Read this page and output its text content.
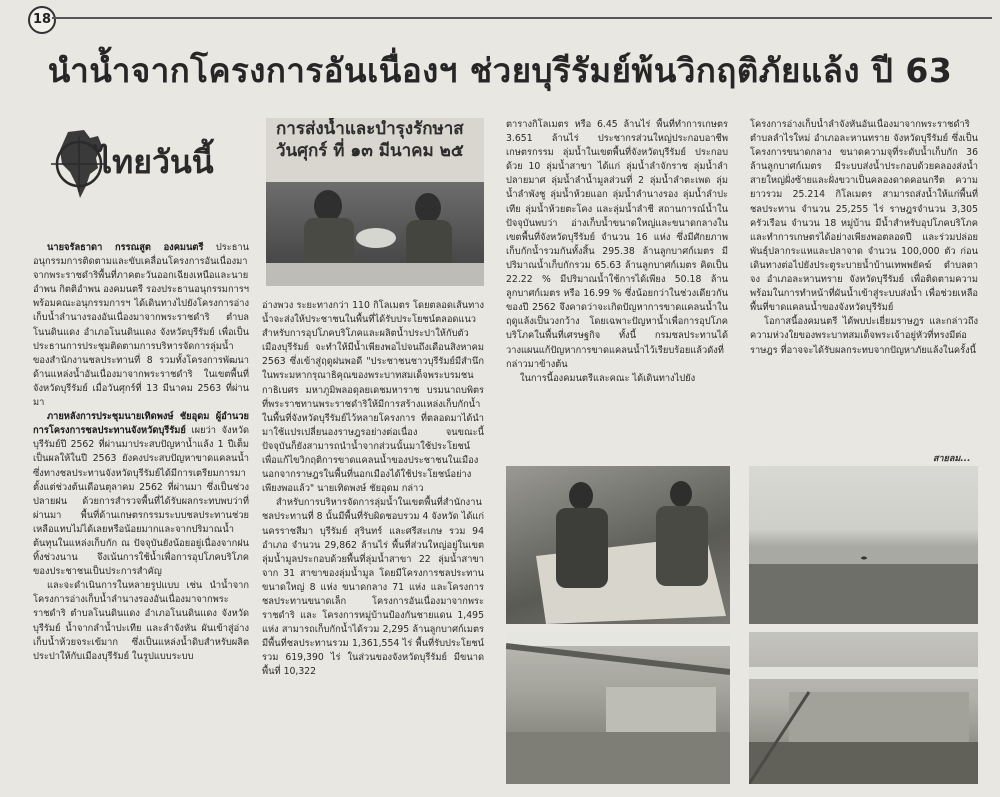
18
นำน้ำจากโครงการอันเนื่องฯ ช่วยบุรีรัมย์พ้นวิกฤติภัยแล้ง ปี 63
ไทยวันนี้

นายจรัลธาดา กรรณสูต องคมนตรี ประธานอนุกรรมการติดตามและขับเคลื่อนโครงการอันเนื่องมาจากพระราชดำริพื้นที่ภาคตะวันออกเฉียงเหนือและนายอำพน กิตติอำพน องคมนตรี รองประธานอนุกรรมการฯ พร้อมคณะอนุกรรมการฯ ได้เดินทางไปยังโครงการอ่างเก็บน้ำลำนางรองอันเนื่องมาจากพระราชดำริ ตำบลโนนดินแดง อำเภอโนนดินแดง จังหวัดบุรีรัมย์ เพื่อเป็นประธานการประชุมติดตามการบริหารจัดการลุ่มน้ำของสำนักงานชลประทานที่ 8 รวมทั้งโครงการพัฒนาด้านแหล่งน้ำอันเนื่องมาจากพระราชดำริ ในเขตพื้นที่จังหวัดบุรีรัมย์ เมื่อวันศุกร์ที่ 13 มีนาคม 2563 ที่ผ่านมา

ภายหลังการประชุมนายเทิดพงษ์ ชัยอุดม ผู้อำนวยการโครงการชลประทานจังหวัดบุรีรัมย์ เผยว่า จังหวัดบุรีรัมย์ปี 2562 ที่ผ่านมาประสบปัญหาน้ำแล้ง 1 ปีเต็ม เป็นผลให้ในปี 2563 ยังคงประสบปัญหาขาดแคลนน้ำ ซึ่งทางชลประทานจังหวัดบุรีรัมย์ได้มีการเตรียมการมาตั้งแต่ช่วงต้นเดือนตุลาคม 2562 ที่ผ่านมา ซึ่งเป็นช่วงปลายฝน ด้วยการสำรวจพื้นที่ได้รับผลกระทบพบว่าที่ผ่านมา พื้นที่ด้านเกษตรกรรมระบบชลประทานช่วยเหลือแทบไม่ได้เลยหรือน้อยมากและจากปริมาณน้ำต้นทุนในแหล่งเก็บกัก ณ ปัจจุบันยังน้อยอยู่เนื่องจากฝนทิ้งช่วงนาน จึงเน้นการใช้น้ำเพื่อการอุปโภคบริโภคของประชาชนเป็นประการสำคัญ

และจะดำเนินการในหลายรูปแบบ เช่น นำน้ำจากโครงการอ่างเก็บน้ำลำนางรองอันเนื่องมาจากพระราชดำริ ตำบลโนนดินแดง อำเภอโนนดินแดง จังหวัดบุรีรัมย์ น้ำจากลำน้ำปะเทีย และลำจังหัน ผันเข้าสู่อ่างเก็บน้ำห้วยจระเข้มาก ซึ่งเป็นแหล่งน้ำดิบสำหรับผลิตประปาให้กับเมืองบุรีรัมย์ ในรูปแบบระบบ

การส่งน้ำและบำรุงรักษาส
วันศุกร์ ที่ ๑๓ มีนาคม ๒๕

อ่างพวง ระยะทางกว่า 110 กิโลเมตร โดยตลอดเส้นทางน้ำจะส่งให้ประชาชนในพื้นที่ได้รับประโยชน์ตลอดแนวสำหรับการอุปโภคบริโภคและผลิตน้ำประปาให้กับตัวเมืองบุรีรัมย์ จะทำให้มีน้ำเพียงพอไปจนถึงเดือนสิงหาคม 2563 ซึ่งเข้าสู่ฤดูฝนพอดี "ประชาชนชาวบุรีรัมย์มีสำนึกในพระมหากรุณาธิคุณของพระบาทสมเด็จพระบรมชนกาธิเบศร มหาภูมิพลอดุลยเดชมหาราช บรมนาถบพิตร ที่พระราชทานพระราชดำริให้มีการสร้างแหล่งเก็บกักน้ำในพื้นที่จังหวัดบุรีรัมย์ไว้หลายโครงการ ที่ตลอดมาได้นำมาใช้แปรเปลี่ยนองราษฎรอย่างต่อเนื่อง จนขณะนี้ปัจจุบันก็ยังสามารถนำน้ำจากส่วนนั้นมาใช้ประโยชน์เพื่อแก้ไขวิกฤติการขาดแคลนน้ำของประชาชนในเมืองนอกจากราษฎรในพื้นที่นอกเมืองได้ใช้ประโยชน์อย่างเพียงพอแล้ว" นายเทิดพงษ์ ชัยอุดม กล่าว

สำหรับการบริหารจัดการลุ่มน้ำในเขตพื้นที่สำนักงานชลประทานที่ 8 นั้นมีพื้นที่รับผิดชอบรวม 4 จังหวัด ได้แก่ นครราชสีมา บุรีรัมย์ สุรินทร์ และศรีสะเกษ รวม 94 อำเภอ จำนวน 29,862 ล้านไร่ พื้นที่ส่วนใหญ่อยู่ในเขตลุ่มน้ำมูลประกอบด้วยพื้นที่ลุ่มน้ำสาขา 22 ลุ่มน้ำสาขา จาก 31 สาขาของลุ่มน้ำมูล โดยมีโครงการชลประทานขนาดใหญ่ 8 แห่ง ขนาดกลาง 71 แห่ง และโครงการชลประทานขนาดเล็ก โครงการอันเนื่องมาจากพระราชดำริ และ โครงการหมู่บ้านป้องกันชายแดน 1,495 แห่ง สามารถเก็บกักน้ำได้รวม 2,295 ล้านลูกบาศก์เมตร มีพื้นที่ชลประทานรวม 1,361,554 ไร่ พื้นที่รับประโยชน์รวม 619,390 ไร่ ในส่วนของจังหวัดบุรีรัมย์ มีขนาดพื้นที่ 10,322

ตารางกิโลเมตร หรือ 6.45 ล้านไร่ พื้นที่ทำการเกษตร 3.651 ล้านไร่ ประชากรส่วนใหญ่ประกอบอาชีพเกษตรกรรม ลุ่มน้ำในเขตพื้นที่จังหวัดบุรีรัมย์ ประกอบด้วย 10 ลุ่มน้ำสาขา ได้แก่ ลุ่มน้ำลำจักราช ลุ่มน้ำลำปลายมาศ ลุ่มน้ำลำน้ำมูลส่วนที่ 2 ลุ่มน้ำลำตะเพด ลุ่มน้ำลำพังชู ลุ่มน้ำห้วยแอก ลุ่มน้ำลำนางรอง ลุ่มน้ำลำปะเทีย ลุ่มน้ำห้วยตะโคง และลุ่มน้ำลำชี สถานการณ์น้ำในปัจจุบันพบว่า อ่างเก็บน้ำขนาดใหญ่และขนาดกลางในเขตพื้นที่จังหวัดบุรีรัมย์ จำนวน 16 แห่ง ซึ่งมีศักยภาพเก็บกักน้ำรวมกันทั้งสิ้น 295.38 ล้านลูกบาศก์เมตร มีปริมาณน้ำเก็บกักรวม 65.63 ล้านลูกบาศก์เมตร คิดเป็น 22.22 % มีปริมาณน้ำใช้การได้เพียง 50.18 ล้านลูกบาศก์เมตร หรือ 16.99 % ซึ่งน้อยกว่าในช่วงเดียวกันของปี 2562 จึงคาดว่าจะเกิดปัญหาการขาดแคลนน้ำในฤดูแล้งเป็นวงกว้าง โดยเฉพาะปัญหาน้ำเพื่อการอุปโภคบริโภคในพื้นที่เศรษฐกิจ ทั้งนี้ กรมชลประทานได้วางแผนแก้ปัญหาการขาดแคลนน้ำไว้เรียบร้อยแล้วดังที่กล่าวมาข้างต้น

ในการนี้องคมนตรีและคณะ ได้เดินทางไปยัง

โครงการอ่างเก็บน้ำลำจังหันอันเนื่องมาจากพระราชดำริ ตำบลลำไรใหม่ อำเภอละหานทราย จังหวัดบุรีรัมย์ ซึ่งเป็นโครงการขนาดกลาง ขนาดความจุที่ระดับน้ำเก็บกัก 36 ล้านลูกบาศก์เมตร มีระบบส่งน้ำประกอบด้วยคลองส่งน้ำสายใหญ่ฝั่งซ้ายและฝั่งขวาเป็นคลองดาดคอนกรีต ความยาวรวม 25.214 กิโลเมตร สามารถส่งน้ำให้แก่พื้นที่ชลประทาน จำนวน 25,255 ไร่ ราษฎรจำนวน 3,305 ครัวเรือน จำนวน 18 หมู่บ้าน มีน้ำสำหรับอุปโภคบริโภคและทำการเกษตรได้อย่างเพียงพอตลอดปี และร่วมปล่อยพันธุ์ปลากระแหและปลาจาด จำนวน 100,000 ตัว ก่อนเดินทางต่อไปยังประตูระบายน้ำบ้านเทพพยัคฆ์ ตำบลตาจง อำเภอละหานทราย จังหวัดบุรีรัมย์ เพื่อติดตามความพร้อมในการทำหน้าที่ผันน้ำเข้าสู่ระบบส่งน้ำ เพื่อช่วยเหลือพื้นที่ขาดแคลนน้ำของจังหวัดบุรีรัมย์

โอกาสนี้องคมนตรี ได้พบปะเยี่ยมราษฎร และกล่าวถึงความห่วงใยของพระบาทสมเด็จพระเจ้าอยู่หัวที่ทรงมีต่อราษฎร ที่อาจจะได้รับผลกระทบจากปัญหาภัยแล้งในครั้งนี้

สายลม...
